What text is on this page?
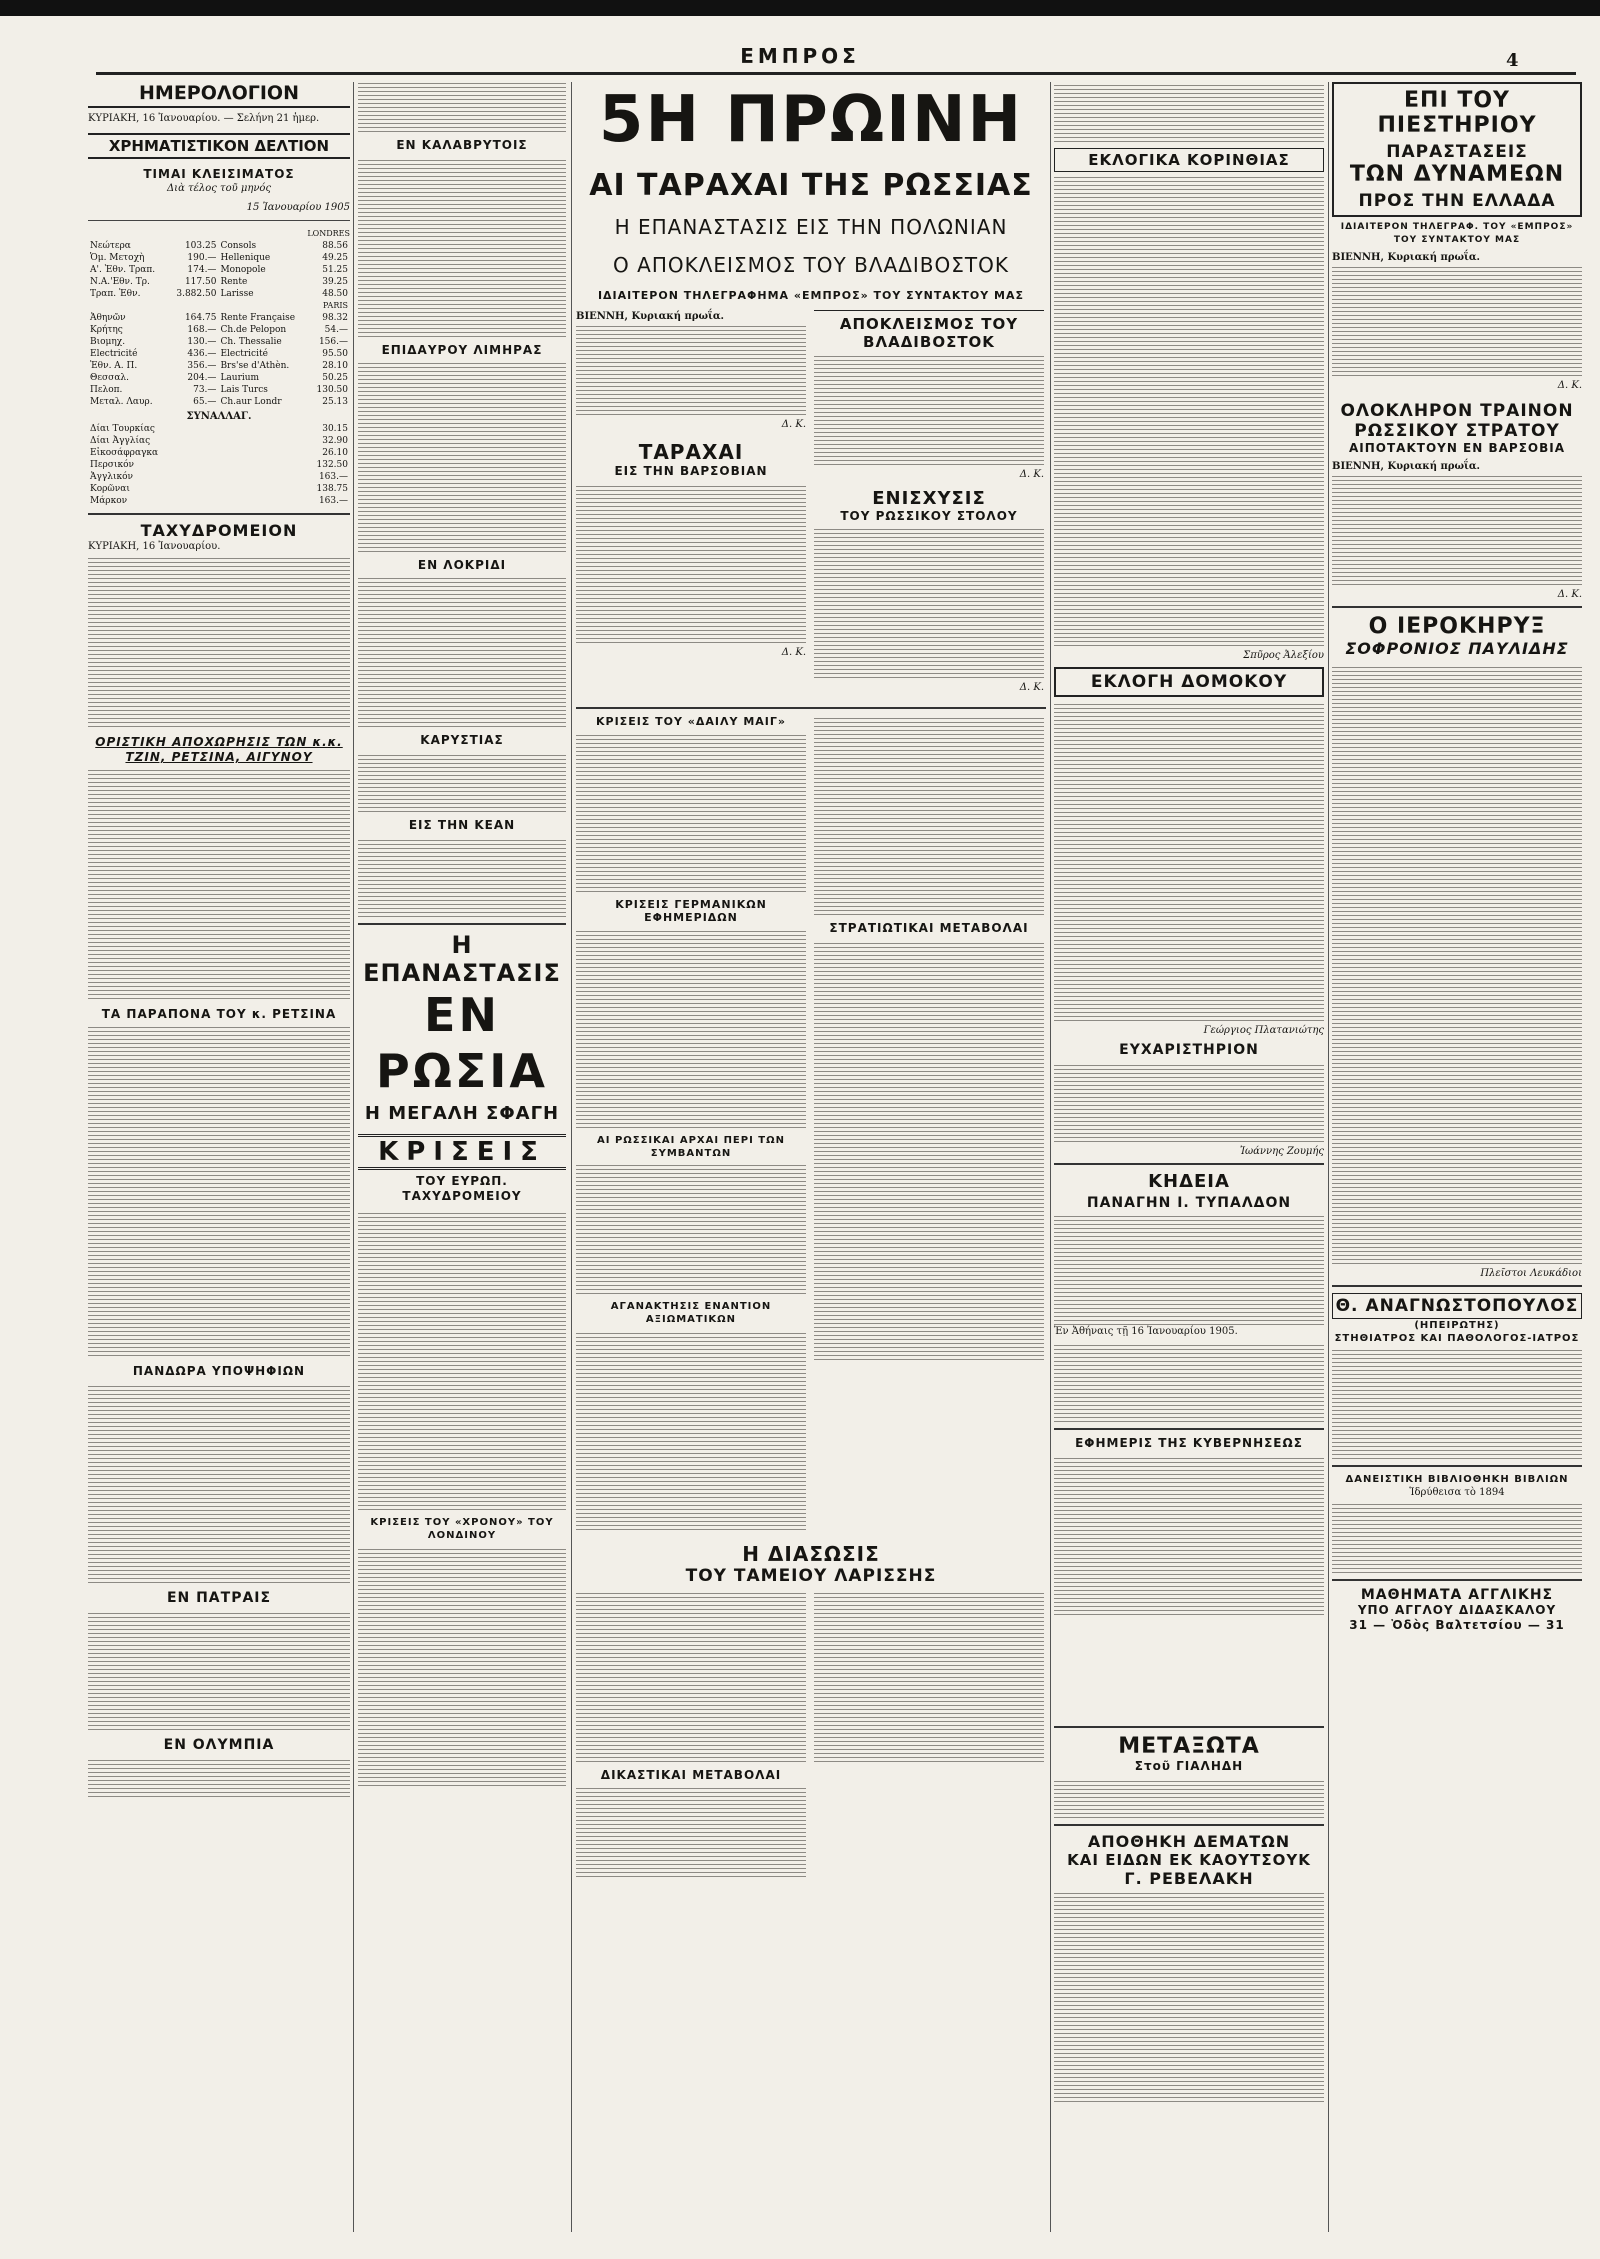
ΕΜΠΡΟΣ	4
ΗΜΕΡΟΛΟΓΙΟΝ
ΚΥΡΙΑΚΗ, 16 Ἰανουαρίου. — Σελήνη 21 ἡμερ.
ΧΡΗΜΑΤΙΣΤΙΚΟΝ ΔΕΛΤΙΟΝ
ΤΙΜΑΙ ΚΛΕΙΣΙΜΑΤΟΣ
Διὰ τέλος τοῦ μηνός
15 Ἰανουαρίου 1905
LONDRES
Νεώτερα	103.25	Consols	88.56
Ὁμ. Μετοχὴ	190.—	Hellenique	49.25
Α'. Ἐθν. Τραπ.	174.—	Monopole	51.25
Ν.Α.'Εθν. Τρ.	117.50	Rente	39.25
Τραπ. Ἐθν.	3.882.50	Larisse	48.50
PARIS			
Ἀθηνῶν	164.75	Rente Française	98.32
Κρήτης	168.—	Ch.de Pelopon	54.—
Βιομηχ.	130.—	Ch. Thessalie	156.—
Electricité	436.—	Electricité	95.50
Ἐθν. Α. Π.	356.—	Brs'se d'Athèn.	28.10
Θεσσαλ.	204.—	Laurium	50.25
Πελοπ.	73.—	Lais Turcs	130.50
Μεταλ. Λαυρ.	65.—	Ch.aur Londr	25.13
ΣΥΝΑΛΛΑΓ.
Δίαι Τουρκίας	30.15
Δίαι Ἀγγλίας	32.90
Εἰκοσάφραγκα	26.10
Περσικόν	132.50
Ἀγγλικόν	163.—
Κορῶναι	138.75
Μάρκον	163.—
ΤΑΧΥΔΡΟΜΕΙΟΝ
ΚΥΡΙΑΚΗ, 16 Ἰανουαρίου.
ΟΡΙΣΤΙΚΗ ΑΠΟΧΩΡΗΣΙΣ ΤΩΝ κ.κ. ΤΖΙΝ, ΡΕΤΣΙΝΑ, ΑΙΓΥΝΟΥ
ΤΑ ΠΑΡΑΠΟΝΑ ΤΟΥ κ. ΡΕΤΣΙΝΑ
ΠΑΝΔΩΡΑ ΥΠΟΨΗΦΙΩΝ
ΕΝ ΠΑΤΡΑΙΣ
ΕΝ ΟΛΥΜΠΙΑ
ΕΝ ΚΑΛΑΒΡΥΤΟΙΣ
ΕΠΙΔΑΥΡΟΥ ΛΙΜΗΡΑΣ
ΕΝ ΛΟΚΡΙΔΙ
ΚΑΡΥΣΤΙΑΣ
ΕΙΣ ΤΗΝ ΚΕΑΝ
Η ΕΠΑΝΑΣΤΑΣΙΣ
ΕΝ ΡΩΣΙΑ
Η ΜΕΓΑΛΗ ΣΦΑΓΗ
ΚΡΙΣΕΙΣ
ΤΟΥ ΕΥΡΩΠ. ΤΑΧΥΔΡΟΜΕΙΟΥ
ΚΡΙΣΕΙΣ ΤΟΥ «ΧΡΟΝΟΥ» ΤΟΥ ΛΟΝΔΙΝΟΥ
5Η ΠΡΩΙΝΗ
ΑΙ ΤΑΡΑΧΑΙ ΤΗΣ ΡΩΣΣΙΑΣ
Η ΕΠΑΝΑΣΤΑΣΙΣ ΕΙΣ ΤΗΝ ΠΟΛΩΝΙΑΝ
Ο ΑΠΟΚΛΕΙΣΜΟΣ ΤΟΥ ΒΛΑΔΙΒΟΣΤΟΚ
ΙΔΙΑΙΤΕΡΟΝ ΤΗΛΕΓΡΑΦΗΜΑ «ΕΜΠΡΟΣ» ΤΟΥ ΣΥΝΤΑΚΤΟΥ ΜΑΣ
ΒΙΕΝΝΗ, Κυριακή πρωΐα.
Δ. Κ.
ΤΑΡΑΧΑΙ
ΕΙΣ ΤΗΝ ΒΑΡΣΟΒΙΑΝ
Δ. Κ.
ΑΠΟΚΛΕΙΣΜΟΣ ΤΟΥ ΒΛΑΔΙΒΟΣΤΟΚ
Δ. Κ.
ΕΝΙΣΧΥΣΙΣ
ΤΟΥ ΡΩΣΣΙΚΟΥ ΣΤΟΛΟΥ
Δ. Κ.
ΚΡΙΣΕΙΣ ΤΟΥ «ΔΑΙΛΥ ΜΑΙΓ»
ΚΡΙΣΕΙΣ ΓΕΡΜΑΝΙΚΩΝ ΕΦΗΜΕΡΙΔΩΝ
ΑΙ ΡΩΣΣΙΚΑΙ ΑΡΧΑΙ ΠΕΡΙ ΤΩΝ ΣΥΜΒΑΝΤΩΝ
ΑΓΑΝΑΚΤΗΣΙΣ ΕΝΑΝΤΙΟΝ ΑΞΙΩΜΑΤΙΚΩΝ
ΣΤΡΑΤΙΩΤΙΚΑΙ ΜΕΤΑΒΟΛΑΙ
Η ΔΙΑΣΩΣΙΣ
ΤΟΥ ΤΑΜΕΙΟΥ ΛΑΡΙΣΣΗΣ
ΔΙΚΑΣΤΙΚΑΙ ΜΕΤΑΒΟΛΑΙ
ΕΚΛΟΓΙΚΑ ΚΟΡΙΝΘΙΑΣ
Σπῦρος Ἀλεξίου
ΕΚΛΟΓΗ ΔΟΜΟΚΟΥ
Γεώργιος Πλατανιώτης
ΕΥΧΑΡΙΣΤΗΡΙΟΝ
Ἰωάννης Ζουμής
ΚΗΔΕΙΑ
ΠΑΝΑΓΗΝ Ι. ΤΥΠΑΛΔΟΝ
Ἐν Ἀθήναις τῇ 16 Ἰανουαρίου 1905.
ΕΦΗΜΕΡΙΣ ΤΗΣ ΚΥΒΕΡΝΗΣΕΩΣ
ΜΕΤΑΞΩΤΑ
Στοῦ ΓΙΑΛΗΔΗ
ΑΠΟΘΗΚΗ ΔΕΜΑΤΩΝ
ΚΑΙ ΕΙΔΩΝ ΕΚ ΚΑΟΥΤΣΟΥΚ
Γ. ΡΕΒΕΛΑΚΗ
ΕΠΙ ΤΟΥ ΠΙΕΣΤΗΡΙΟΥ
ΠΑΡΑΣΤΑΣΕΙΣ
ΤΩΝ ΔΥΝΑΜΕΩΝ
ΠΡΟΣ ΤΗΝ ΕΛΛΑΔΑ
ΙΔΙΑΙΤΕΡΟΝ ΤΗΛΕΓΡΑΦ. ΤΟΥ «ΕΜΠΡΟΣ» ΤΟΥ ΣΥΝΤΑΚΤΟΥ ΜΑΣ
ΒΙΕΝΝΗ, Κυριακή πρωΐα.
Δ. Κ.
ΟΛΟΚΛΗΡΟΝ ΤΡΑΙΝΟΝ
ΡΩΣΣΙΚΟΥ ΣΤΡΑΤΟΥ
ΑΙΠΟΤΑΚΤΟΥΝ ΕΝ ΒΑΡΣΟΒΙΑ
ΒΙΕΝΝΗ, Κυριακή πρωΐα.
Δ. Κ.
Ο ΙΕΡΟΚΗΡΥΞ
ΣΟΦΡΟΝΙΟΣ ΠΑΥΛΙΔΗΣ
Πλεῖστοι Λευκάδιοι
Θ. ΑΝΑΓΝΩΣΤΟΠΟΥΛΟΣ
(ΗΠΕΙΡΩΤΗΣ)
ΣΤΗΘΙΑΤΡΟΣ ΚΑΙ ΠΑΘΟΛΟΓΟΣ-ΙΑΤΡΟΣ
ΔΑΝΕΙΣΤΙΚΗ ΒΙΒΛΙΟΘΗΚΗ ΒΙΒΛΙΩΝ
Ἱδρύθεισα τὸ 1894
ΜΑΘΗΜΑΤΑ ΑΓΓΛΙΚΗΣ
ΥΠΟ ΑΓΓΛΟΥ ΔΙΔΑΣΚΑΛΟΥ
31 — Ὁδὸς Βαλτετσίου — 31
